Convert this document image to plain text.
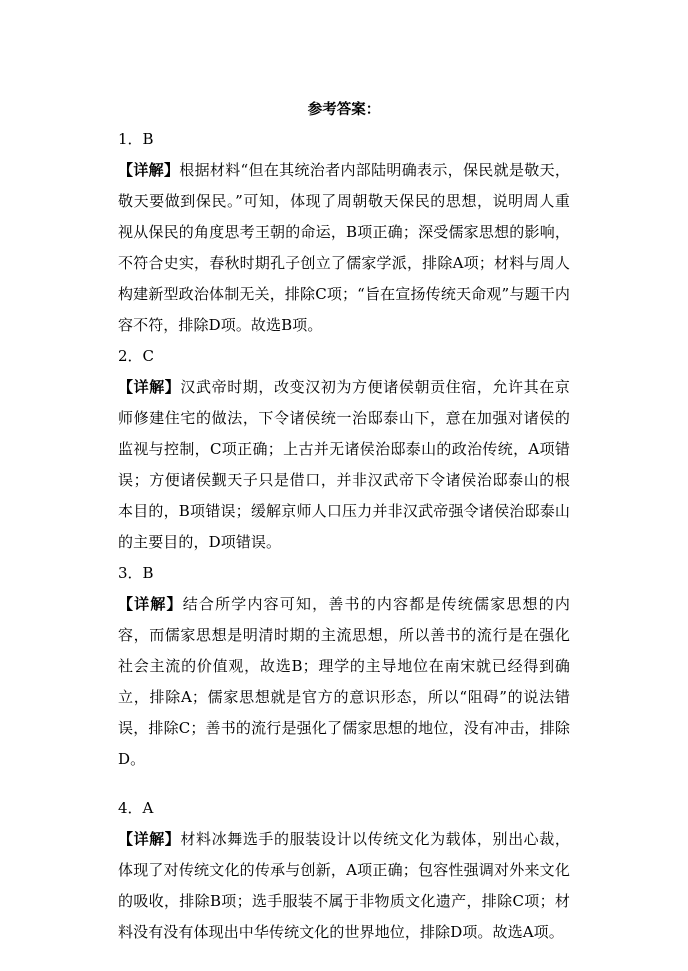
参考答案：

1．B

【详解】根据材料“但在其统治者内部陆明确表示，保民就是敬天，敬天要做到保民。”可知，体现了周朝敬天保民的思想，说明周人重视从保民的角度思考王朝的命运，B项正确；深受儒家思想的影响，不符合史实，春秋时期孔子创立了儒家学派，排除A项；材料与周人构建新型政治体制无关，排除C项；“旨在宣扬传统天命观”与题干内容不符，排除D项。故选B项。

2．C

【详解】汉武帝时期，改变汉初为方便诸侯朝贡住宿，允许其在京师修建住宅的做法，下令诸侯统一治邸泰山下，意在加强对诸侯的监视与控制，C项正确；上古并无诸侯治邸泰山的政治传统，A项错误；方便诸侯觐天子只是借口，并非汉武帝下令诸侯治邸泰山的根本目的，B项错误；缓解京师人口压力并非汉武帝强令诸侯治邸泰山的主要目的，D项错误。

3．B

【详解】结合所学内容可知，善书的内容都是传统儒家思想的内容，而儒家思想是明清时期的主流思想，所以善书的流行是在强化社会主流的价值观，故选B；理学的主导地位在南宋就已经得到确立，排除A；儒家思想就是官方的意识形态，所以“阻碍”的说法错误，排除C；善书的流行是强化了儒家思想的地位，没有冲击，排除D。

4．A

【详解】材料冰舞选手的服装设计以传统文化为载体，别出心裁，体现了对传统文化的传承与创新，A项正确；包容性强调对外来文化的吸收，排除B项；选手服装不属于非物质文化遗产，排除C项；材料没有没有体现出中华传统文化的世界地位，排除D项。故选A项。
